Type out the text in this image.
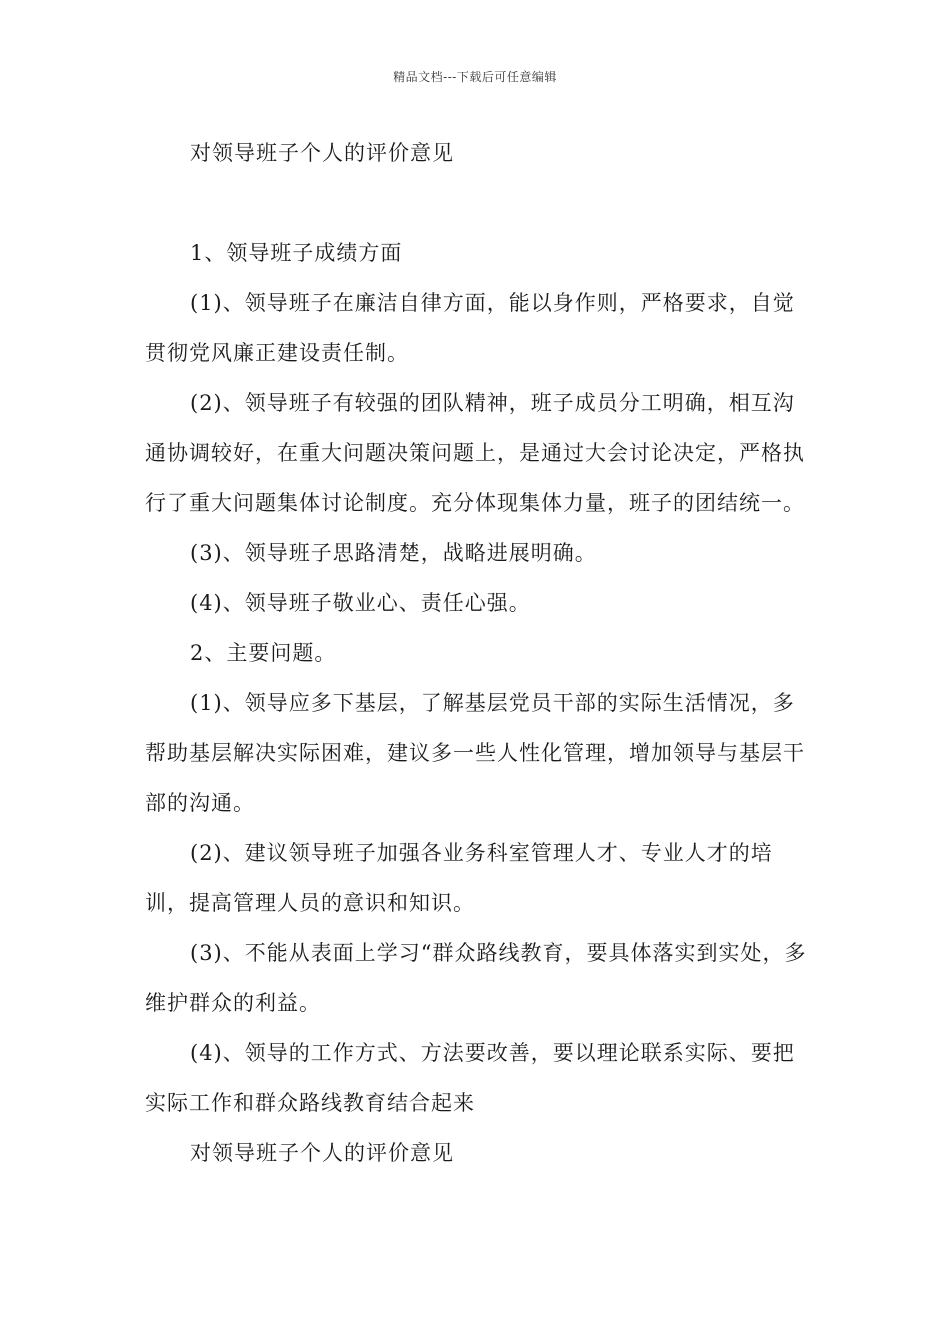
精品文档---下载后可任意编辑

对领导班子个人的评价意见

1、领导班子成绩方面

(1)、领导班子在廉洁自律方面，能以身作则，严格要求，自觉贯彻党风廉正建设责任制。

(2)、领导班子有较强的团队精神，班子成员分工明确，相互沟通协调较好，在重大问题决策问题上，是通过大会讨论决定，严格执行了重大问题集体讨论制度。充分体现集体力量，班子的团结统一。

(3)、领导班子思路清楚，战略进展明确。

(4)、领导班子敬业心、责任心强。

2、主要问题。

(1)、领导应多下基层，了解基层党员干部的实际生活情况，多帮助基层解决实际困难，建议多一些人性化管理，增加领导与基层干部的沟通。

(2)、建议领导班子加强各业务科室管理人才、专业人才的培训，提高管理人员的意识和知识。

(3)、不能从表面上学习“群众路线教育，要具体落实到实处，多维护群众的利益。

(4)、领导的工作方式、方法要改善，要以理论联系实际、要把实际工作和群众路线教育结合起来

对领导班子个人的评价意见
